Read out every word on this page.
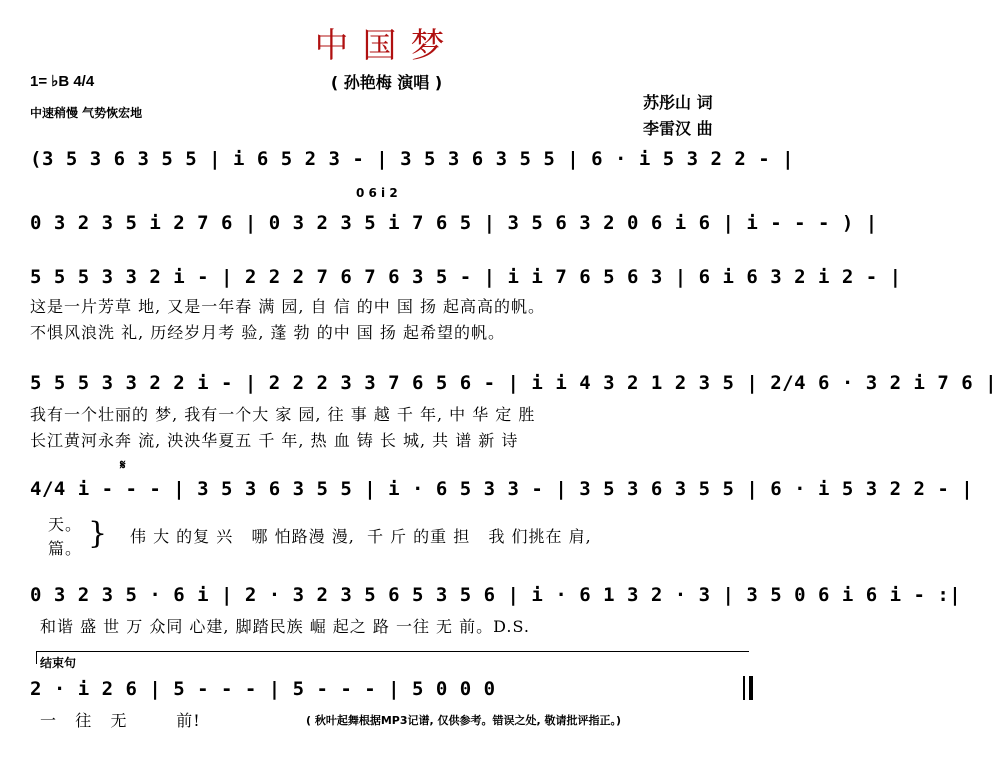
中国梦
( 孙艳梅 演唱 )
1= ♭B 4/4
中速稍慢 气势恢宏地
苏彤山 词
李雷汉 曲
(3 5 3 6 3 5 5 | i 6 5 2 3 - | 3 5 3 6 3 5 5 | 6 · i 5 3 2 2 - |
0 6 i 2
0 3 2 3 5 i 2 7 6 | 0 3 2 3 5 i 7 6 5 | 3 5 6 3 2 0 6 i 6 | i - - - ) |
5 5 5 3 3 2 i - | 2 2 2 7 6 7 6 3 5 - | i i 7 6 5 6 3 | 6 i 6 3 2 i 2 - |
这是一片芳草 地, 又是一年春 满 园, 自 信 的中 国 扬 起高高的帆。
不惧风浪洗 礼, 历经岁月考 验, 蓬 勃 的中 国 扬 起希望的帆。
5 5 5 3 3 2 2 i - | 2 2 2 3 3 7 6 5 6 - | i i 4 3 2 1 2 3 5 | 2/4 6 · 3 2 i 7 6 |
我有一个壮丽的 梦, 我有一个大 家 园, 往 事 越 千 年, 中 华 定 胜
长江黄河永奔 流, 泱泱华夏五 千 年, 热 血 铸 长 城, 共 谱 新 诗
𝄋
4/4 i - - - | 3 5 3 6 3 5 5 | i · 6 5 3 3 - | 3 5 3 6 3 5 5 | 6 · i 5 3 2 2 - |
天。
篇。 } 伟 大 的复 兴   哪 怕路漫 漫,  千 斤 的重 担   我 们挑在 肩,
0 3 2 3 5 · 6 i | 2 · 3 2 3 5 6 5 3 5 6 | i · 6 1 3 2 · 3 | 3 5 0 6 i 6 i - :|
和谐 盛 世 万 众同 心建, 脚踏民族 崛 起之 路 一往 无 前。D.S.
结束句
2 · i 2 6 | 5 - - - | 5 - - - | 5 0 0 0
一   往   无        前!	( 秋叶起舞根据MP3记谱, 仅供参考。错误之处, 敬请批评指正。)
